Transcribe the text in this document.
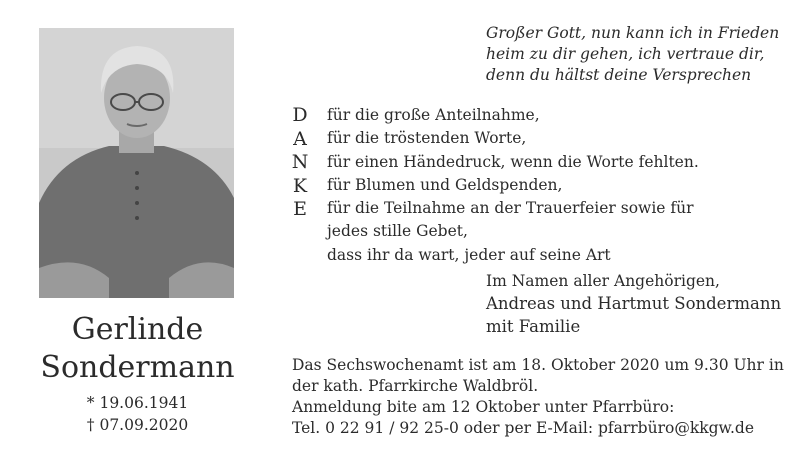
Gerlinde
Sondermann
* 19.06.1941
† 07.09.2020
Großer Gott, nun kann ich in Frieden
heim zu dir gehen, ich vertraue dir,
denn du hältst deine Versprechen
D
A
N
K
E
für die große Anteilnahme,
für die tröstenden Worte,
für einen Händedruck, wenn die Worte fehlten.
für Blumen und Geldspenden,
für die Teilnahme an der Trauerfeier sowie für
jedes stille Gebet,
dass ihr da wart, jeder auf seine Art
Im Namen aller Angehörigen,
Andreas und Hartmut Sondermann
mit Familie
Das Sechswochenamt ist am 18. Oktober 2020 um 9.30 Uhr in
der kath. Pfarrkirche Waldbröl.
Anmeldung bite am 12 Oktober unter Pfarrbüro:
Tel. 0 22 91 / 92 25-0 oder per E-Mail: pfarrbüro@kkgw.de
